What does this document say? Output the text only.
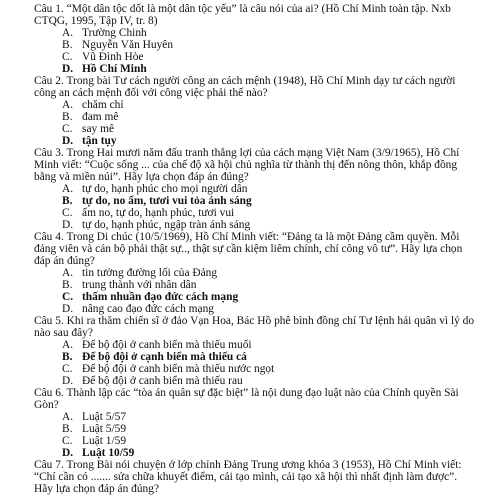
Câu 1. “Một dân tộc dốt là một dân tộc yếu” là câu nói của ai? (Hồ Chí Minh toàn tập. Nxb CTQG, 1995, Tập IV, tr. 8)
A. Trường Chinh
B. Nguyễn Văn Huyên
C. Vũ Đình Hòe
D. Hồ Chí Minh
Câu 2. Trong bài Tư cách người công an cách mệnh (1948), Hồ Chí Minh dạy tư cách người công an cách mệnh đối với công việc phải thế nào?
A. chăm chỉ
B. đam mê
C. say mê
D. tận tụy
Câu 3. Trong Hai mươi năm đấu tranh thắng lợi của cách mạng Việt Nam (3/9/1965), Hồ Chí Minh viết: “Cuộc sống ... của chế độ xã hội chủ nghĩa từ thành thị đến nông thôn, khắp đồng bằng và miền núi”. Hãy lựa chọn đáp án đúng?
A. tự do, hạnh phúc cho mọi người dân
B. tự do, no ấm, tươi vui tỏa ánh sáng
C. ấm no, tự do, hạnh phúc, tươi vui
D. tự do, hạnh phúc, ngập tràn ánh sáng
Câu 4. Trong Di chúc (10/5/1969), Hồ Chí Minh viết: “Đảng ta là một Đảng cầm quyền. Mỗi đảng viên và cán bộ phải thật sự.., thật sự cần kiệm liêm chính, chí công vô tư”. Hãy lựa chọn đáp án đúng?
A. tin tưởng đường lối của Đảng
B. trung thành với nhân dân
C. thấm nhuần đạo đức cách mạng
D. nâng cao đạo đức cách mạng
Câu 5. Khi ra thăm chiến sĩ ở đảo Vạn Hoa, Bác Hồ phê bình đồng chí Tư lệnh hải quân vì lý do nào sau đây?
A. Để bộ đội ở canh biển mà thiếu muối
B. Để bộ đội ở cạnh biển mà thiếu cá
C. Để bộ đội ở canh biển mà thiếu nước ngọt
D. Để bộ đội ở canh biển mà thiếu rau
Câu 6. Thành lập các “tòa án quân sự đặc biệt” là nội dung đạo luật nào của Chính quyền Sài Gòn?
A. Luật 5/57
B. Luật 5/59
C. Luật 1/59
D. Luật 10/59
Câu 7. Trong Bài nói chuyện ở lớp chỉnh Đảng Trung ương khóa 3 (1953), Hồ Chí Minh viết: “Chí cần có ....... sửa chữa khuyết điểm, cải tạo mình, cải tạo xã hội thì nhất định làm được”. Hãy lựa chọn đáp án đúng?
